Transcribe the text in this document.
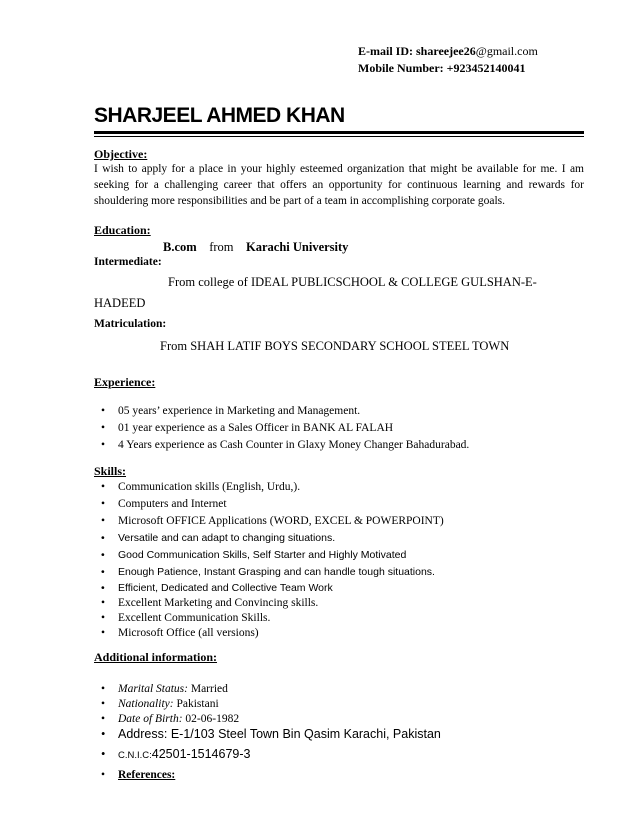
E-mail ID: shareejee26@gmail.com
Mobile Number: +923452140041
SHARJEEL AHMED KHAN
Objective:
I wish to apply for a place in your highly esteemed organization that might be available for me. I am seeking for a challenging career that offers an opportunity for continuous learning and rewards for shouldering more responsibilities and be part of a team in accomplishing corporate goals.
Education:
B.com from Karachi University
Intermediate:
From college of IDEAL PUBLICSCHOOL & COLLEGE GULSHAN-E-
HADEED
Matriculation:
From SHAH LATIF BOYS SECONDARY SCHOOL STEEL TOWN
Experience:
• 05 years’ experience in Marketing and Management.
• 01 year experience as a Sales Officer in BANK AL FALAH
• 4 Years experience as Cash Counter in Glaxy Money Changer Bahadurabad.
Skills:
• Communication skills (English, Urdu,).
• Computers and Internet
• Microsoft OFFICE Applications (WORD, EXCEL & POWERPOINT)
• Versatile and can adapt to changing situations.
• Good Communication Skills, Self Starter and Highly Motivated
• Enough Patience, Instant Grasping and can handle tough situations.
• Efficient, Dedicated and Collective Team Work
• Excellent Marketing and Convincing skills.
• Excellent Communication Skills.
• Microsoft Office (all versions)
Additional information:
• Marital Status: Married
• Nationality: Pakistani
• Date of Birth: 02-06-1982
• Address: E-1/103 Steel Town Bin Qasim Karachi, Pakistan
• C.N.I.C:42501-1514679-3
• References:
